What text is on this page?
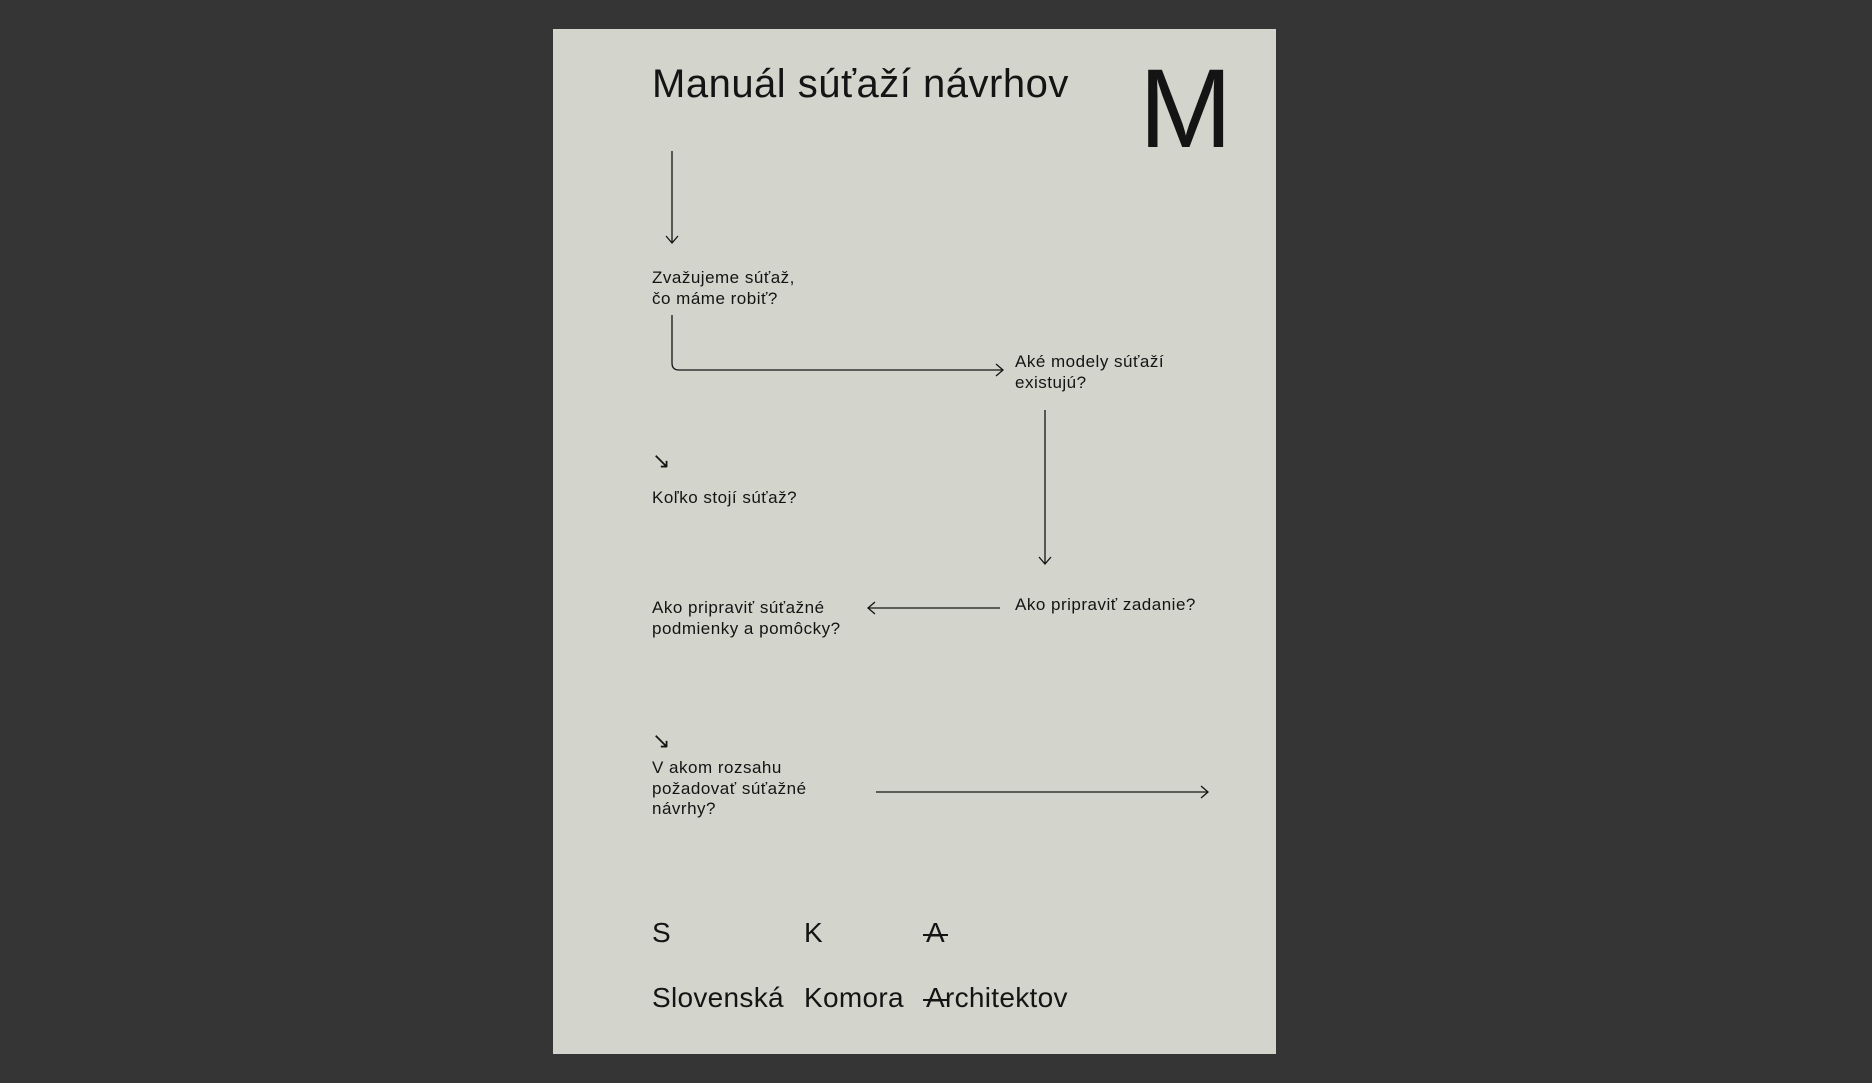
Manuál súťaží návrhov M
Zvažujeme súťaž,
čo máme robiť?
Aké modely súťaží
existujú?
↘
Koľko stojí súťaž?
Ako pripraviť zadanie?
Ako pripraviť súťažné
podmienky a pomôcky?
↘
V akom rozsahu
požadovať súťažné
návrhy?
S	K	A
Slovenská Komora Architektov
